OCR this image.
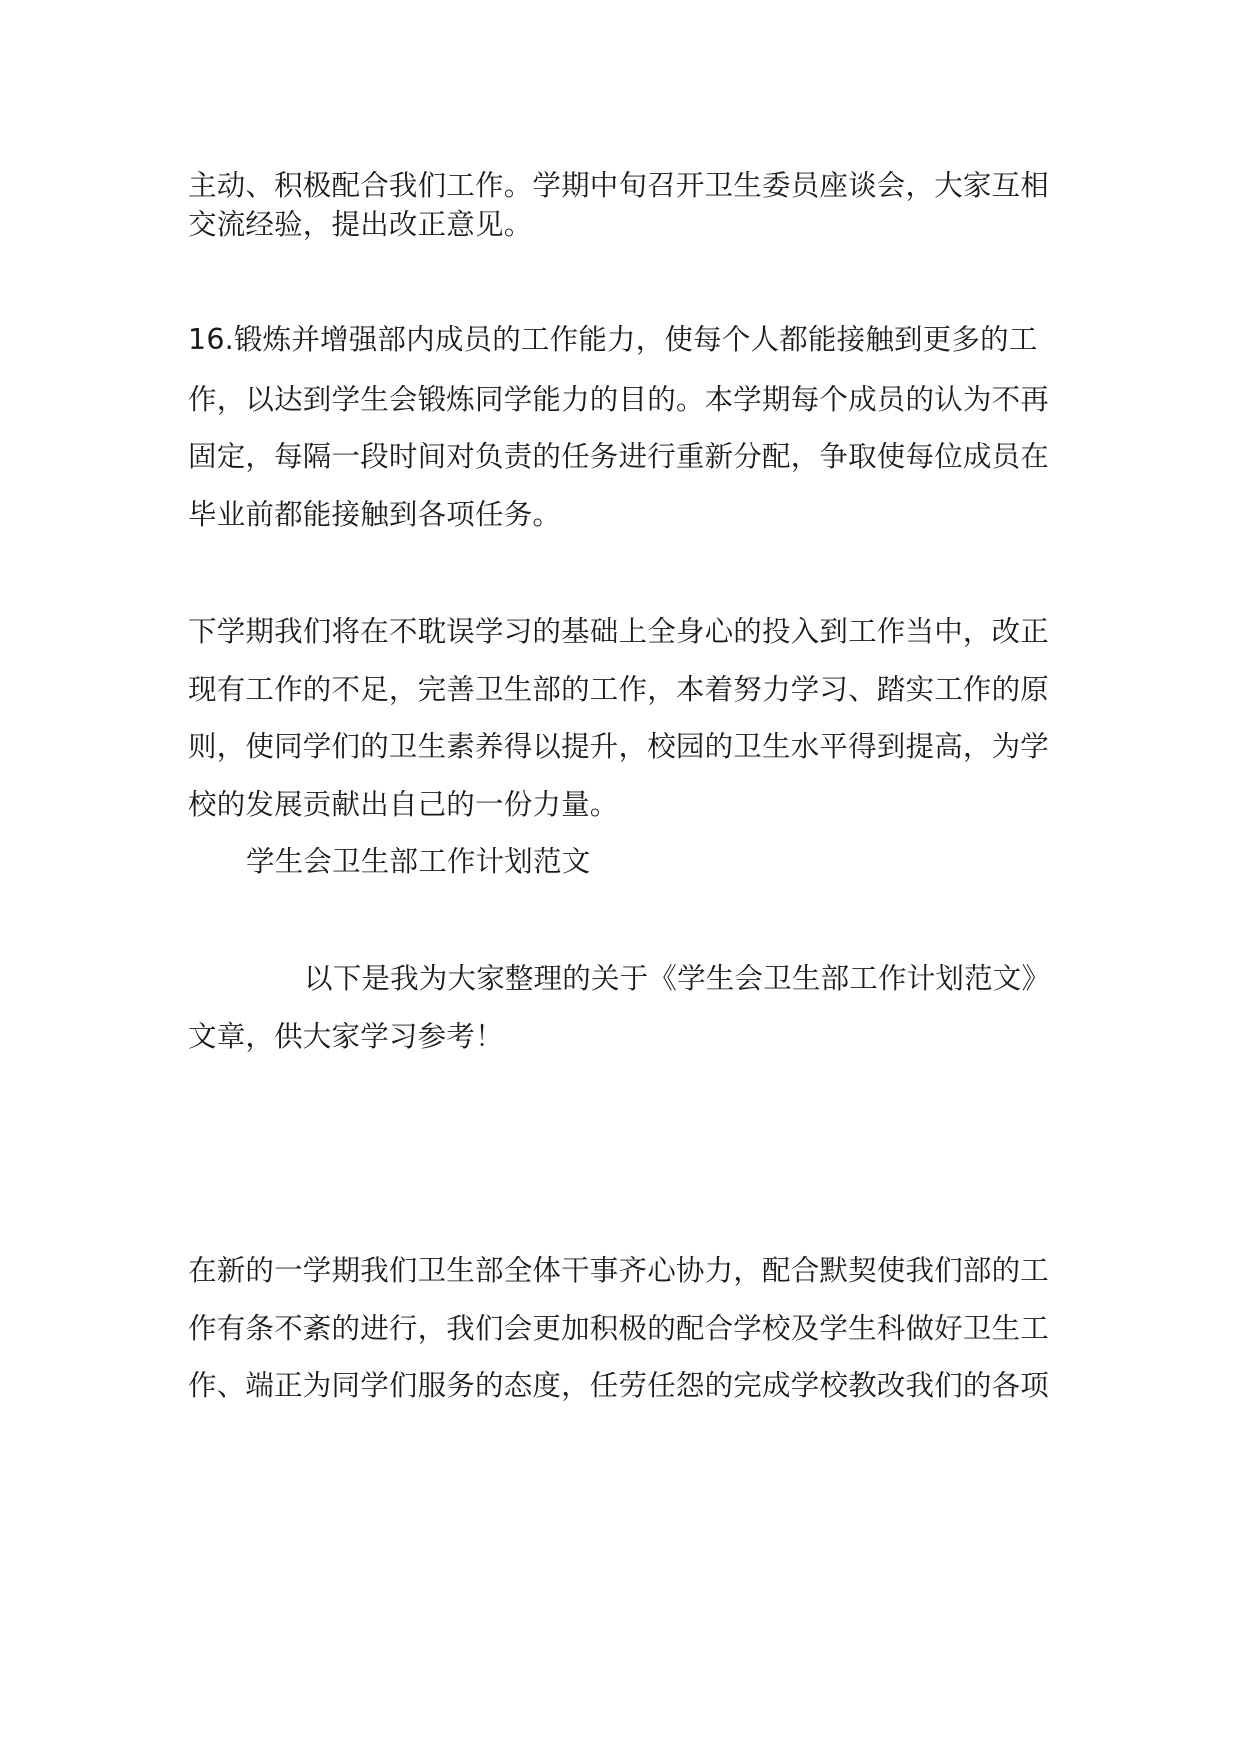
主动、积极配合我们工作。学期中旬召开卫生委员座谈会，大家互相
交流经验，提出改正意见。
16.锻炼并增强部内成员的工作能力，使每个人都能接触到更多的工
作，以达到学生会锻炼同学能力的目的。本学期每个成员的认为不再
固定，每隔一段时间对负责的任务进行重新分配，争取使每位成员在
毕业前都能接触到各项任务。
下学期我们将在不耽误学习的基础上全身心的投入到工作当中，改正
现有工作的不足，完善卫生部的工作，本着努力学习、踏实工作的原
则，使同学们的卫生素养得以提升，校园的卫生水平得到提高，为学
校的发展贡献出自己的一份力量。
学生会卫生部工作计划范文
以下是我为大家整理的关于《学生会卫生部工作计划范文》
文章，供大家学习参考！
在新的一学期我们卫生部全体干事齐心协力，配合默契使我们部的工
作有条不紊的进行，我们会更加积极的配合学校及学生科做好卫生工
作、端正为同学们服务的态度，任劳任怨的完成学校教改我们的各项
